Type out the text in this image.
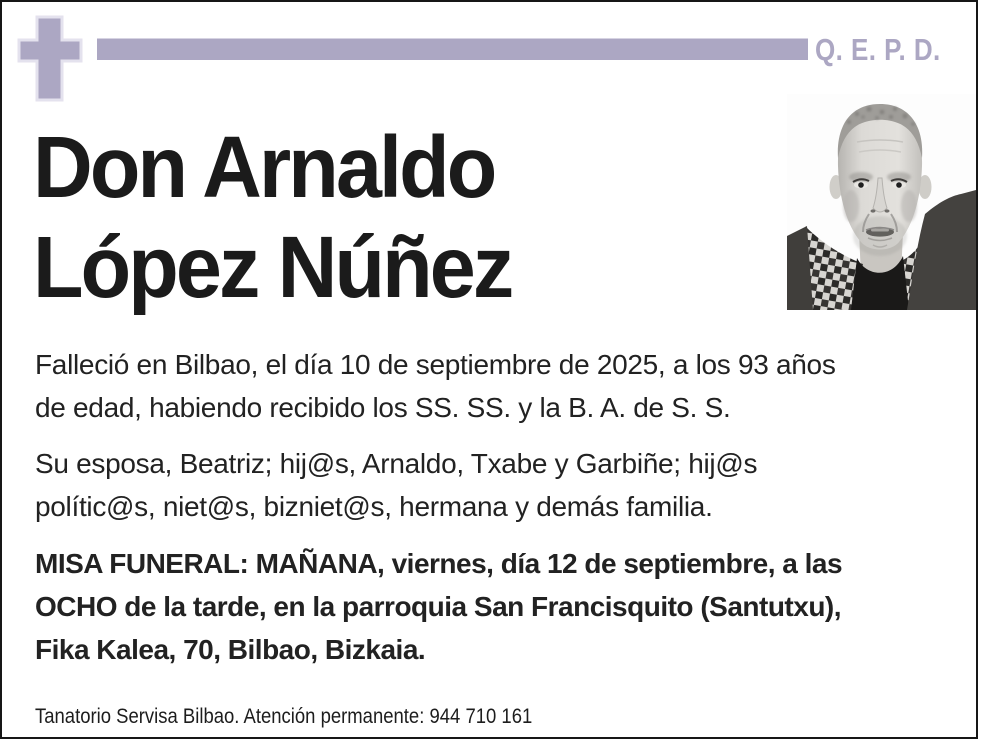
Q. E. P. D.
Don Arnaldo
López Núñez
Falleció en Bilbao, el día 10 de septiembre de 2025, a los 93 años
de edad, habiendo recibido los SS. SS. y la B. A. de S. S.
Su esposa, Beatriz; hij@s, Arnaldo, Txabe y Garbiñe; hij@s
polític@s, niet@s, bizniet@s, hermana y demás familia.
MISA FUNERAL: MAÑANA, viernes, día 12 de septiembre, a las
OCHO de la tarde, en la parroquia San Francisquito (Santutxu),
Fika Kalea, 70, Bilbao, Bizkaia.
Tanatorio Servisa Bilbao. Atención permanente: 944 710 161
